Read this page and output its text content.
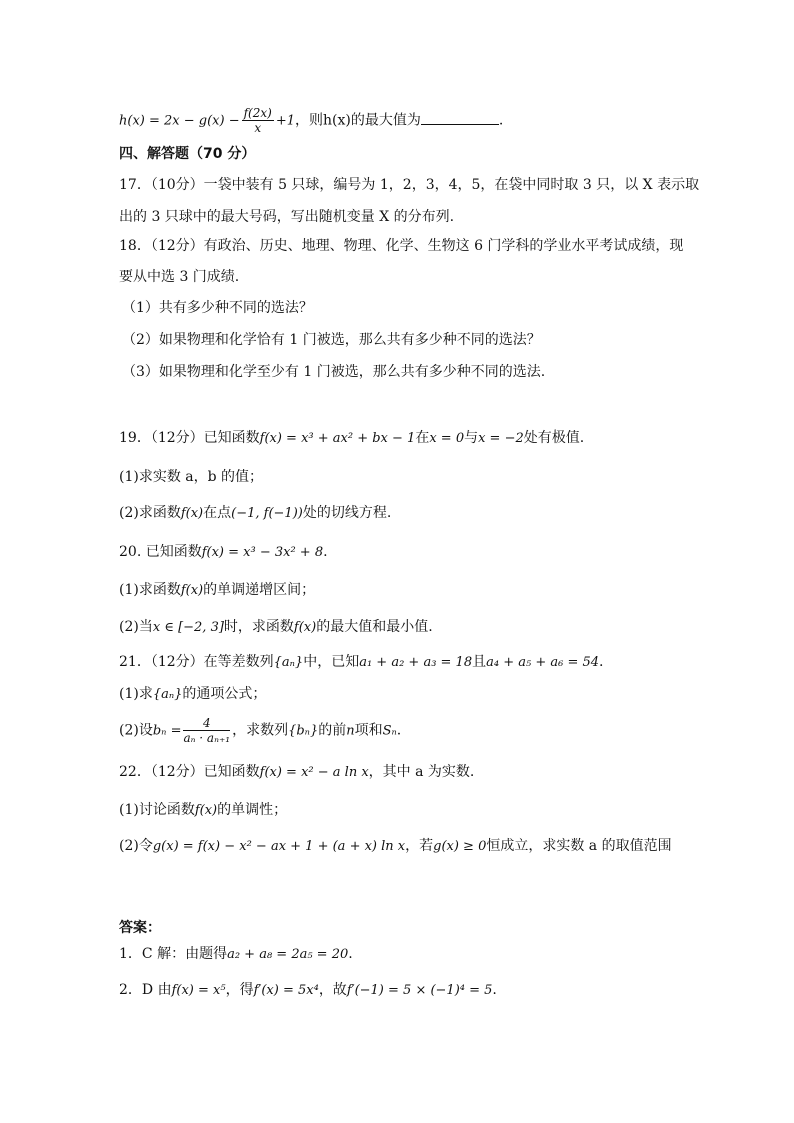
$h(x) = 2x - g(x) - \frac{f(2x)}{x} +1$，则h(x)的最大值为	.
四、解答题（70 分）
17．（10分）一袋中装有 5 只球，编号为 1，2，3，4，5，在袋中同时取 3 只，以 X 表示取
出的 3 只球中的最大号码，写出随机变量 X 的分布列.
18．（12分）有政治、历史、地理、物理、化学、生物这 6 门学科的学业水平考试成绩，现
要从中选 3 门成绩.
（1）共有多少种不同的选法？
（2）如果物理和化学恰有 1 门被选，那么共有多少种不同的选法？
（3）如果物理和化学至少有 1 门被选，那么共有多少种不同的选法.
19．（12分）已知函数f(x) = x³ + ax² + bx − 1在x = 0与x = −2处有极值.
(1)求实数 a，b 的值；
(2)求函数f(x)在点(−1, f(−1))处的切线方程.
20. 已知函数f(x) = x³ − 3x² + 8.
(1)求函数f(x)的单调递增区间；
(2)当x ∈ [−2, 3]时，求函数f(x)的最大值和最小值.
21．（12分）在等差数列{aₙ}中，已知a₁ + a₂ + a₃ = 18且a₄ + a₅ + a₆ = 54.
(1)求{aₙ}的通项公式；
(2)设$b_n = \frac{4}{\text{aₙ · aₙ₊₁}}$ ，求数列{bₙ}的前n项和Sₙ.
22．（12分）已知函数f(x) = x² − a ln x，其中 a 为实数.
(1)讨论函数f(x)的单调性；
(2)令g(x) = f(x) − x² − ax + 1 + (a + x) ln x，若g(x) ≥ 0恒成立，求实数 a 的取值范围
答案：
1．C 解：由题得a₂ + a₈ = 2a₅ = 20.
2．D 由f(x) = x⁵，得f′(x) = 5x⁴，故f′(−1) = 5 × (−1)⁴ = 5.
